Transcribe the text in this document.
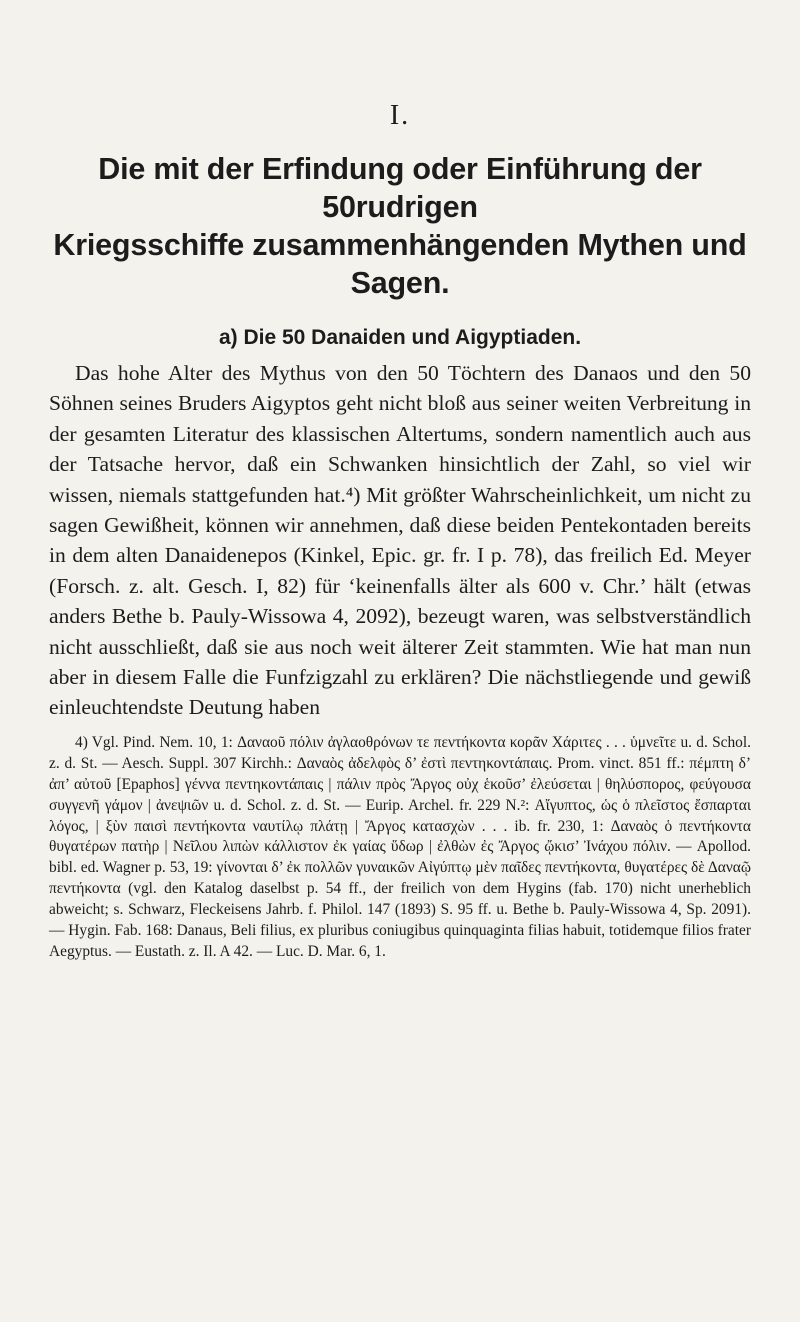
I.
Die mit der Erfindung oder Einführung der 50rudrigen
Kriegsschiffe zusammenhängenden Mythen und Sagen.
a) Die 50 Danaiden und Aigyptiaden.

Das hohe Alter des Mythus von den 50 Töchtern des Danaos und den 50 Söhnen seines Bruders Aigyptos geht nicht bloß aus seiner weiten Verbreitung in der gesamten Literatur des klassischen Altertums, sondern namentlich auch aus der Tatsache hervor, daß ein Schwanken hinsichtlich der Zahl, so viel wir wissen, niemals stattgefunden hat.⁴) Mit größter Wahrscheinlichkeit, um nicht zu sagen Gewißheit, können wir annehmen, daß diese beiden Pentekontaden bereits in dem alten Danaidenepos (Kinkel, Epic. gr. fr. I p. 78), das freilich Ed. Meyer (Forsch. z. alt. Gesch. I, 82) für ‘keinenfalls älter als 600 v. Chr.’ hält (etwas anders Bethe b. Pauly-Wissowa 4, 2092), bezeugt waren, was selbstverständlich nicht ausschließt, daß sie aus noch weit älterer Zeit stammten. Wie hat man nun aber in diesem Falle die Funfzigzahl zu erklären? Die nächstliegende und gewiß einleuchtendste Deutung haben

4) Vgl. Pind. Nem. 10, 1: Δαναοῦ πόλιν ἀγλαοθρόνων τε πεντήκοντα κορᾶν Χάριτες . . . ὑμνεῖτε u. d. Schol. z. d. St. — Aesch. Suppl. 307 Kirchh.: Δαναὸς ἀδελφὸς δ’ ἐστὶ πεντηκοντάπαις. Prom. vinct. 851 ff.: πέμπτη δ’ ἀπ’ αὐτοῦ [Epaphos] γέννα πεντηκοντάπαις | πάλιν πρὸς Ἄργος οὐχ ἑκοῦσ’ ἐλεύσεται | θηλύσπορος, φεύγουσα συγγενῆ γάμον | ἀνεψιῶν u. d. Schol. z. d. St. — Eurip. Archel. fr. 229 N.²: Αἴγυπτος, ὡς ὁ πλεῖστος ἔσπαρται λόγος, | ξὺν παισὶ πεντήκοντα ναυτίλῳ πλάτῃ | Ἄργος κατασχὼν . . . ib. fr. 230, 1: Δαναὸς ὁ πεντήκοντα θυγατέρων πατὴρ | Νεῖλου λιπὼν κάλλιστον ἐκ γαίας ὕδωρ | ἐλθὼν ἐς Ἄργος ᾤκισ’ Ἰνάχου πόλιν. — Apollod. bibl. ed. Wagner p. 53, 19: γίνονται δ’ ἐκ πολλῶν γυναικῶν Αἰγύπτῳ μὲν παῖδες πεντήκοντα, θυγατέρες δὲ Δαναῷ πεντήκοντα (vgl. den Katalog daselbst p. 54 ff., der freilich von dem Hygins (fab. 170) nicht unerheblich abweicht; s. Schwarz, Fleckeisens Jahrb. f. Philol. 147 (1893) S. 95 ff. u. Bethe b. Pauly-Wissowa 4, Sp. 2091). — Hygin. Fab. 168: Danaus, Beli filius, ex pluribus coniugibus quinquaginta filias habuit, totidemque filios frater Aegyptus. — Eustath. z. Il. A 42. — Luc. D. Mar. 6, 1.
